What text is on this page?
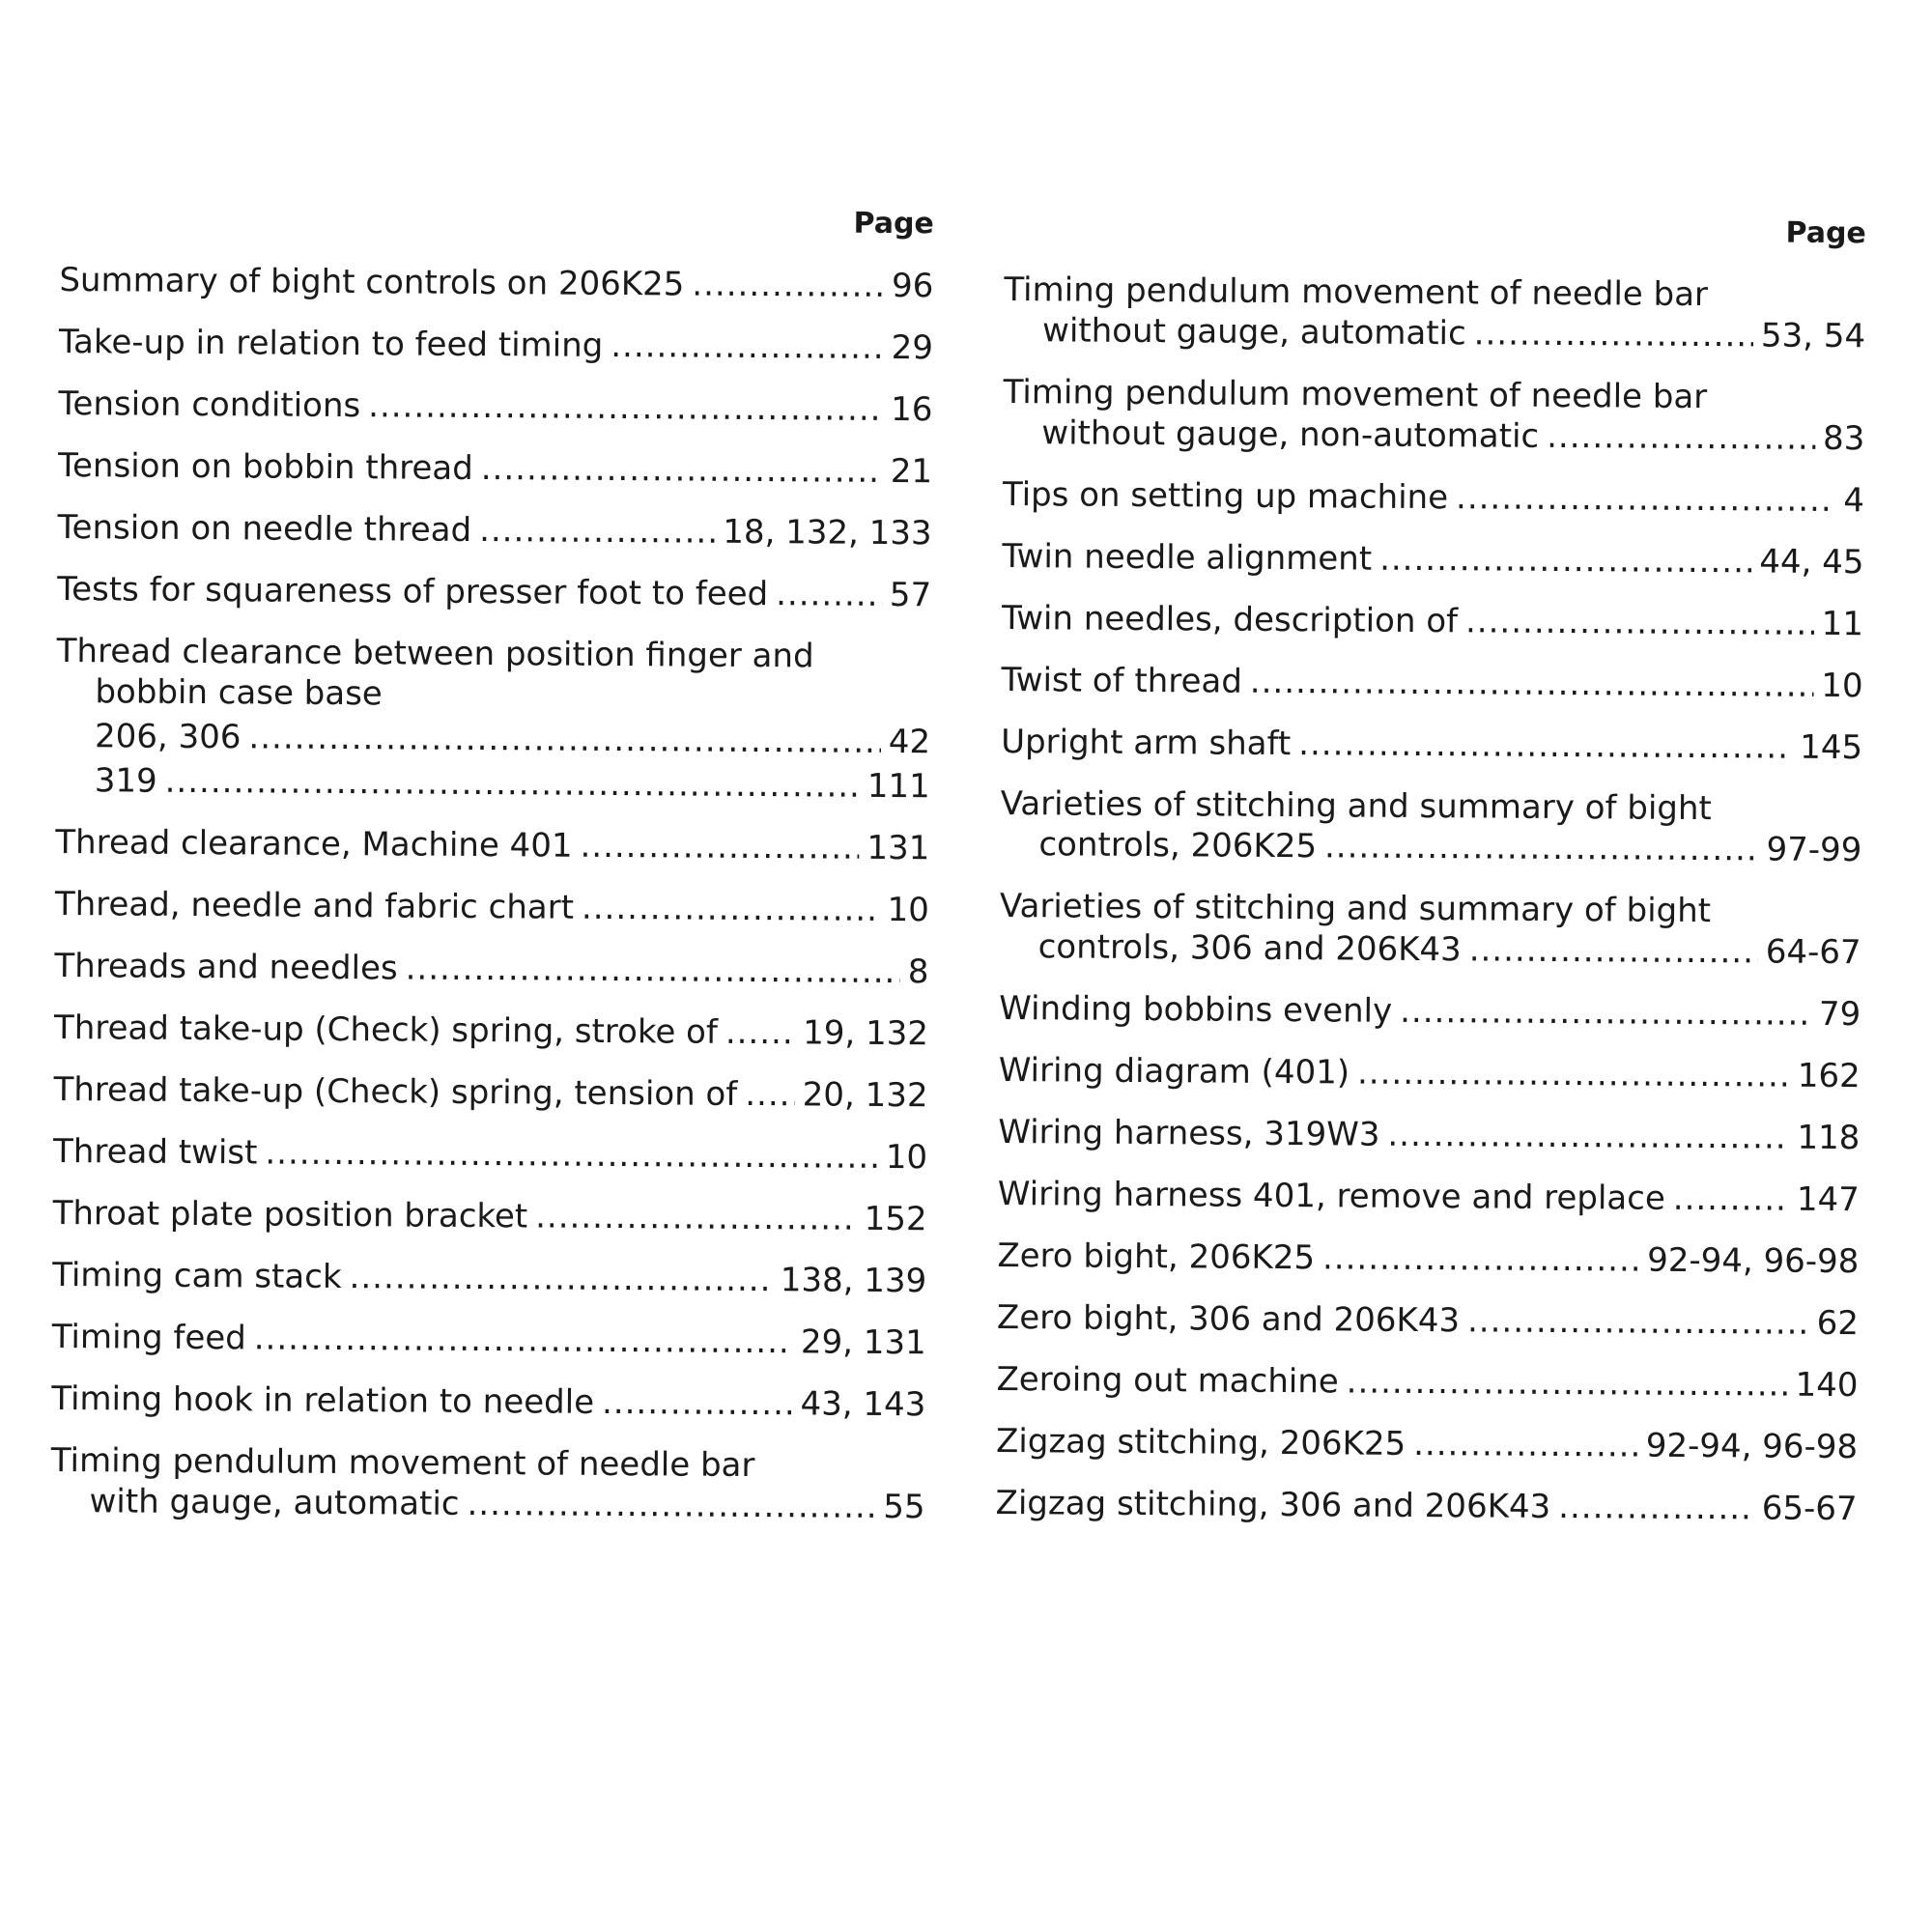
Page
Summary of bight controls on 206K25 .....	96
Take-up in relation to feed timing .....	29
Tension conditions .....	16
Tension on bobbin thread .....	21
Tension on needle thread .....	18, 132, 133
Tests for squareness of presser foot to feed .....	57
Thread clearance between position finger and
bobbin case base
206, 306 .....	42
319 .....	111
Thread clearance, Machine 401 .....	131
Thread, needle and fabric chart .....	10
Threads and needles .....	8
Thread take-up (Check) spring, stroke of .....	19, 132
Thread take-up (Check) spring, tension of ..... 20, 132
Thread twist .....	10
Throat plate position bracket .....	152
Timing cam stack .....	138, 139
Timing feed .....	29, 131
Timing hook in relation to needle .....	43, 143
Timing pendulum movement of needle bar
with gauge, automatic .....	55
Page
Timing pendulum movement of needle bar
without gauge, automatic .....	53, 54
Timing pendulum movement of needle bar
without gauge, non-automatic .....	83
Tips on setting up machine .....	4
Twin needle alignment .....	44, 45
Twin needles, description of .....	11
Twist of thread .....	10
Upright arm shaft .....	145
Varieties of stitching and summary of bight
controls, 206K25 .....	97-99
Varieties of stitching and summary of bight
controls, 306 and 206K43 .....	64-67
Winding bobbins evenly .....	79
Wiring diagram (401) .....	162
Wiring harness, 319W3 .....	118
Wiring harness 401, remove and replace .....	147
Zero bight, 206K25 .....	92-94, 96-98
Zero bight, 306 and 206K43 .....	62
Zeroing out machine .....	140
Zigzag stitching, 206K25 .....	92-94, 96-98
Zigzag stitching, 306 and 206K43 .....	65-67
